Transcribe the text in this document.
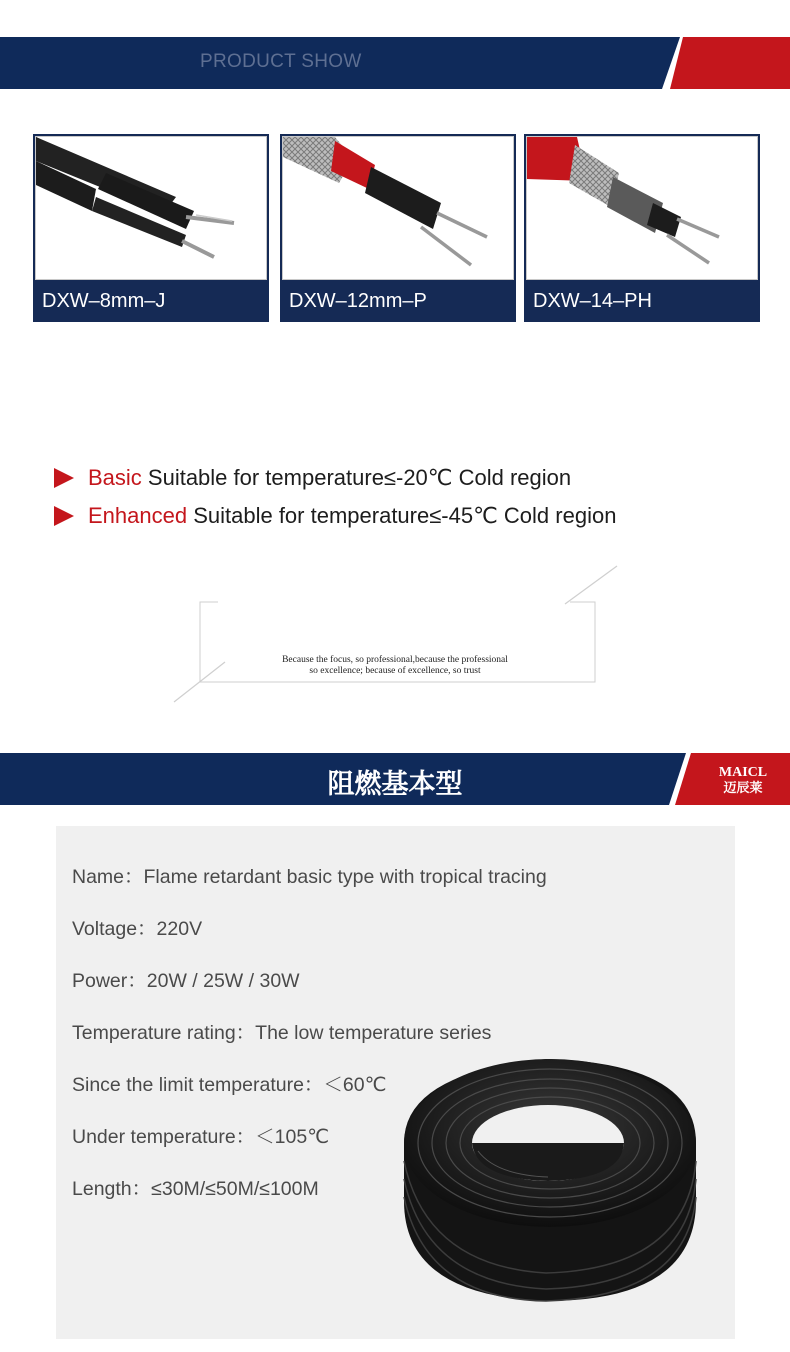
PRODUCT SHOW
DXW–8mm–J	DXW–12mm–P	DXW–14–PH
Basic Suitable for temperature≤-20℃ Cold region
Enhanced Suitable for temperature≤-45℃ Cold region
Because the focus, so professional,because the professional
so excellence; because of excellence, so trust
阻燃基本型	MAICL
迈辰莱
Name：Flame retardant basic type with tropical tracing
Voltage：220V
Power：20W / 25W / 30W
Temperature rating：The low temperature series
Since the limit temperature：＜60℃
Under temperature：＜105℃
Length：≤30M/≤50M/≤100M
